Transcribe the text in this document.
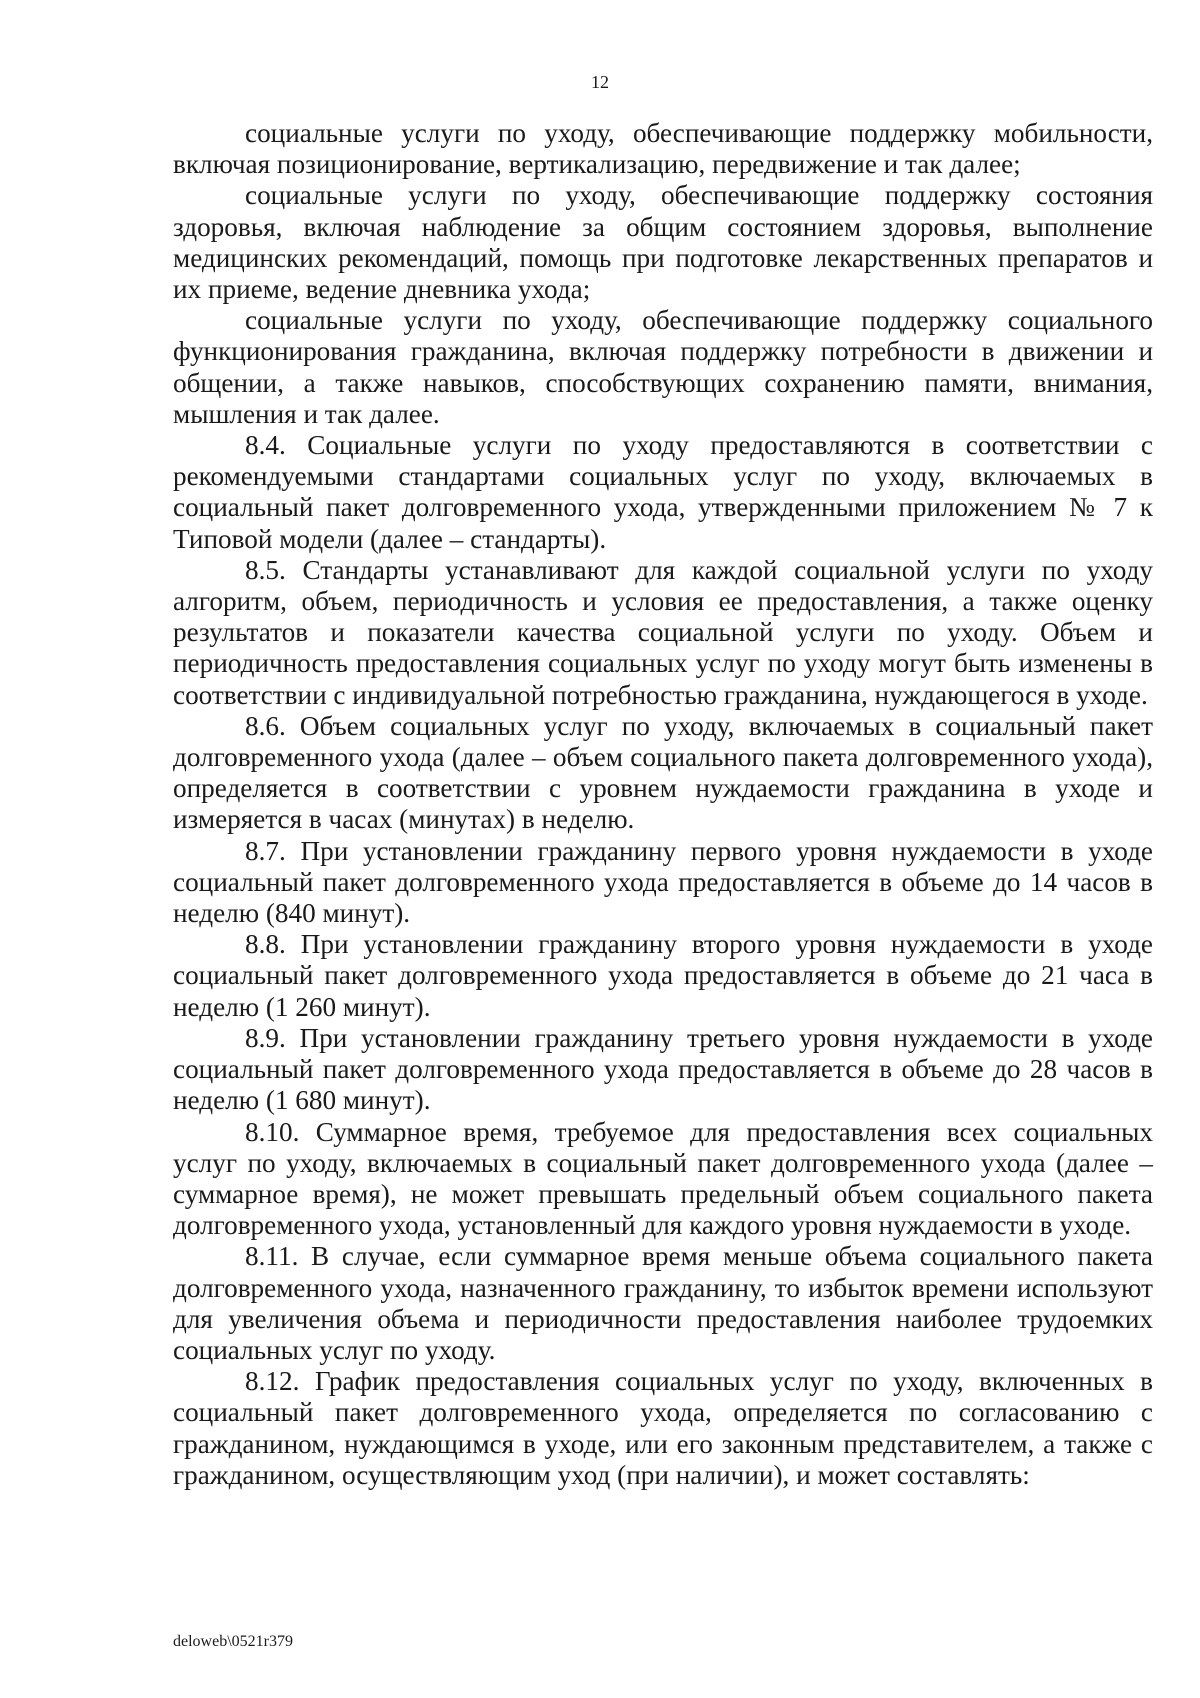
12

социальные услуги по уходу, обеспечивающие поддержку мобильности, включая позиционирование, вертикализацию, передвижение и так далее;

социальные услуги по уходу, обеспечивающие поддержку состояния здоровья, включая наблюдение за общим состоянием здоровья, выполнение медицинских рекомендаций, помощь при подготовке лекарственных препаратов и их приеме, ведение дневника ухода;

социальные услуги по уходу, обеспечивающие поддержку социального функционирования гражданина, включая поддержку потребности в движении и общении, а также навыков, способствующих сохранению памяти, внимания, мышления и так далее.

8.4. Социальные услуги по уходу предоставляются в соответствии с рекомендуемыми стандартами социальных услуг по уходу, включаемых в социальный пакет долговременного ухода, утвержденными приложением № 7 к Типовой модели (далее – стандарты).

8.5. Стандарты устанавливают для каждой социальной услуги по уходу алгоритм, объем, периодичность и условия ее предоставления, а также оценку результатов и показатели качества социальной услуги по уходу. Объем и периодичность предоставления социальных услуг по уходу могут быть изменены в соответствии с индивидуальной потребностью гражданина, нуждающегося в уходе.

8.6. Объем социальных услуг по уходу, включаемых в социальный пакет долговременного ухода (далее – объем социального пакета долговременного ухода), определяется в соответствии с уровнем нуждаемости гражданина в уходе и измеряется в часах (минутах) в неделю.

8.7. При установлении гражданину первого уровня нуждаемости в уходе социальный пакет долговременного ухода предоставляется в объеме до 14 часов в неделю (840 минут).

8.8. При установлении гражданину второго уровня нуждаемости в уходе социальный пакет долговременного ухода предоставляется в объеме до 21 часа в неделю (1 260 минут).

8.9. При установлении гражданину третьего уровня нуждаемости в уходе социальный пакет долговременного ухода предоставляется в объеме до 28 часов в неделю (1 680 минут).

8.10. Суммарное время, требуемое для предоставления всех социальных услуг по уходу, включаемых в социальный пакет долговременного ухода (далее – суммарное время), не может превышать предельный объем социального пакета долговременного ухода, установленный для каждого уровня нуждаемости в уходе.

8.11. В случае, если суммарное время меньше объема социального пакета долговременного ухода, назначенного гражданину, то избыток времени используют для увеличения объема и периодичности предоставления наиболее трудоемких социальных услуг по уходу.

8.12. График предоставления социальных услуг по уходу, включенных в социальный пакет долговременного ухода, определяется по согласованию с гражданином, нуждающимся в уходе, или его законным представителем, а также с гражданином, осуществляющим уход (при наличии), и может составлять:

deloweb\0521r379
